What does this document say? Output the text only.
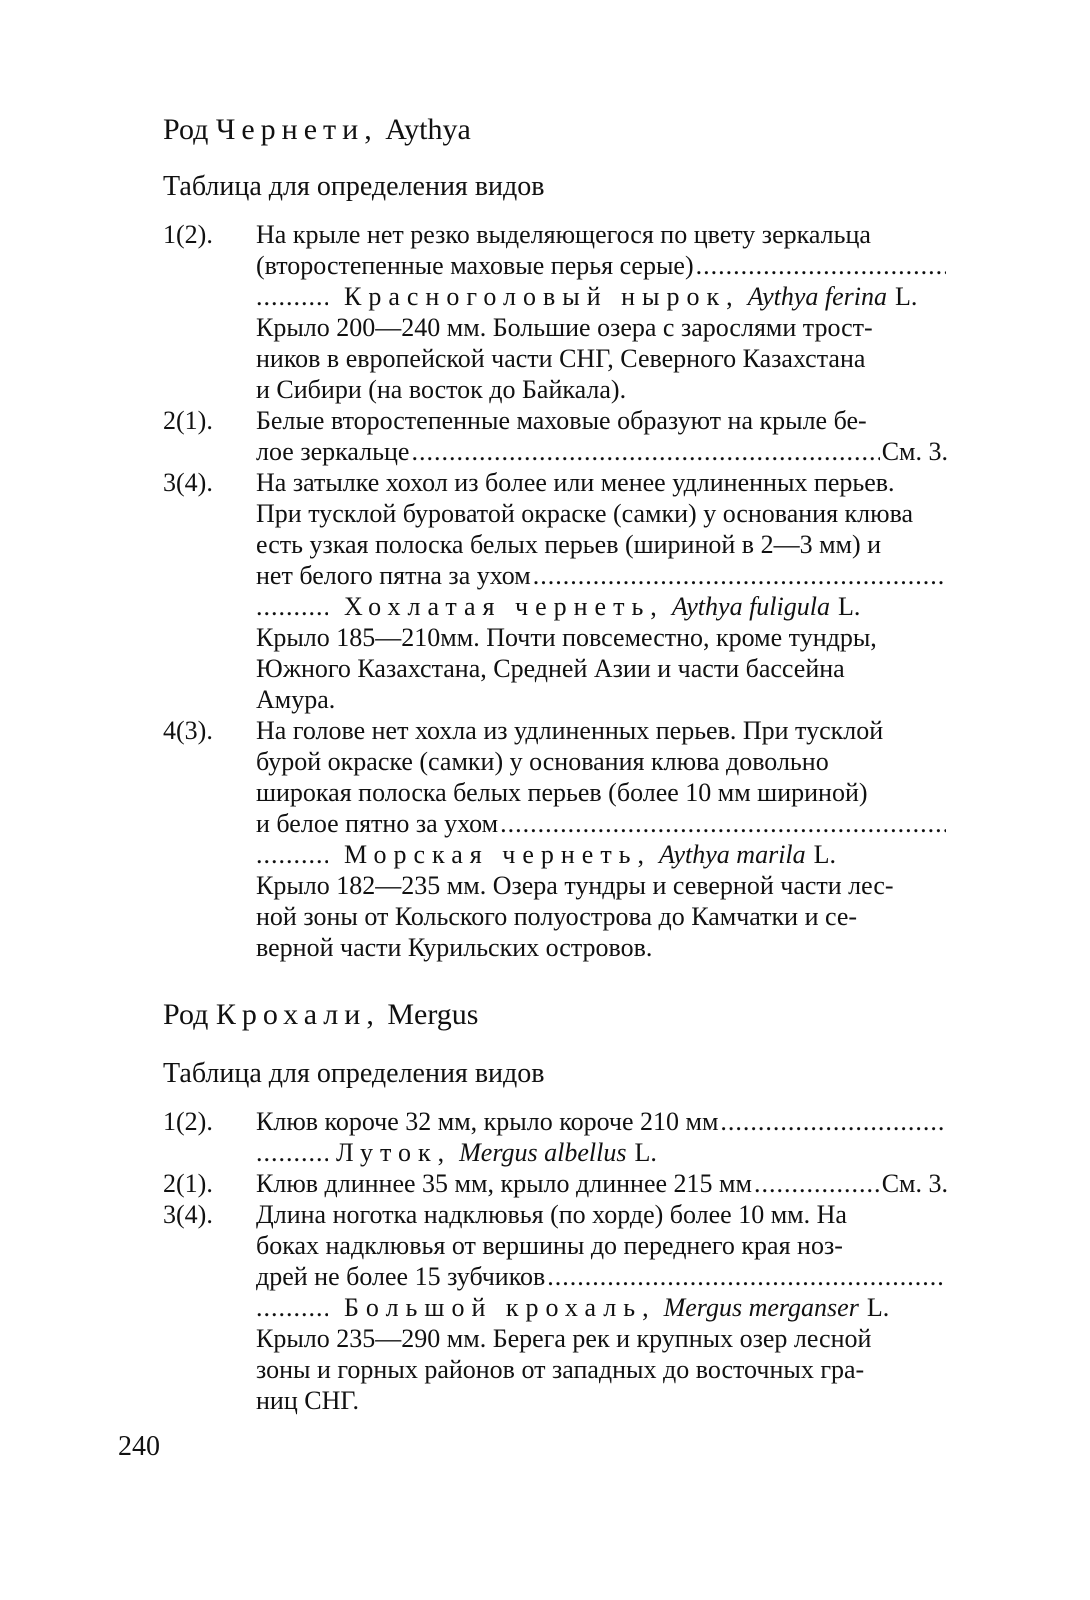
Род Чернети, Aythya
Таблица для определения видов
1(2).	На крыле нет резко выделяющегося по цвету зеркальца
(второстепенные маховые перья серые)
.....
.....
Красноголовый нырок, Aythya ferina L.
Крыло 200—240 мм. Большие озера с зарослями трост-
ников в европейской части СНГ, Северного Казахстана
и Сибири (на восток до Байкала).
2(1).	Белые второстепенные маховые образуют на крыле бе-
лое зеркальце .....	См. 3.
3(4).	На затылке хохол из более или менее удлиненных перьев.
При тусклой буроватой окраске (самки) у основания клюва
есть узкая полоска белых перьев (шириной в 2—3 мм) и
нет белого пятна за ухом
.....
.....
Хохлатая чернеть, Aythya fuligula L.
Крыло 185—210мм. Почти повсеместно, кроме тундры,
Южного Казахстана, Средней Азии и части бассейна
Амура.
4(3).	На голове нет хохла из удлиненных перьев. При тусклой
бурой окраске (самки) у основания клюва довольно
широкая полоска белых перьев (более 10 мм шириной)
и белое пятно за ухом
.....
.....
Морская чернеть, Aythya marila L.
Крыло 182—235 мм. Озера тундры и северной части лес-
ной зоны от Кольского полуострова до Камчатки и се-
верной части Курильских островов.
Род Крохали, Mergus
Таблица для определения видов
1(2).	Клюв короче 32 мм, крыло короче 210 мм
.....
.....
Луток, Mergus albellus L.
2(1).	Клюв длиннее 35 мм, крыло длиннее 215 мм .....	См. 3.
3(4).	Длина ноготка надклювья (по хорде) более 10 мм. На
боках надклювья от вершины до переднего края ноз-
дрей не более 15 зубчиков
.....
.....
Большой крохаль, Mergus merganser L.
Крыло 235—290 мм. Берега рек и крупных озер лесной
зоны и горных районов от западных до восточных гра-
ниц СНГ.
240
